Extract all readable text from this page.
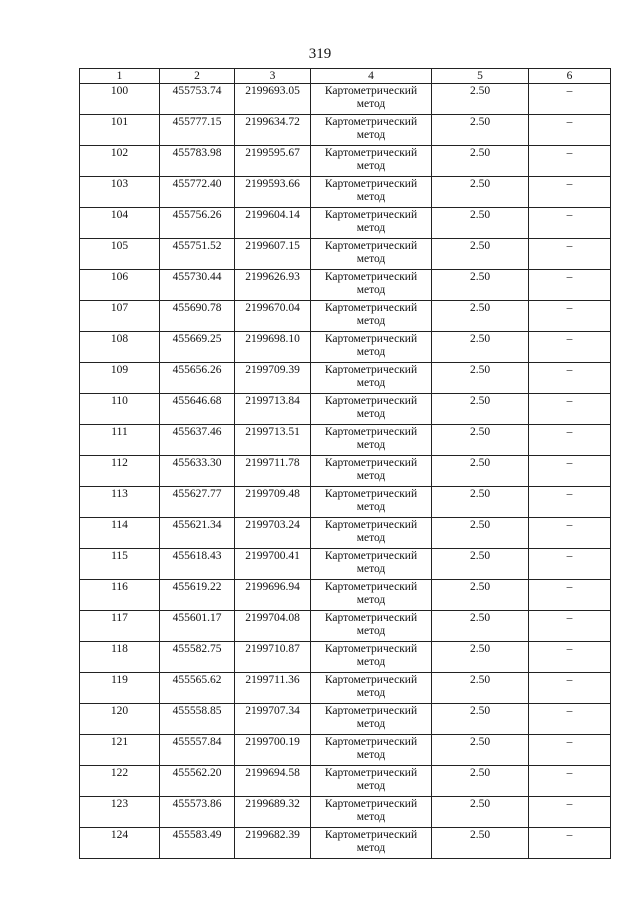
319
1	2	3	4	5	6
100	455753.74	2199693.05	Картометрический метод	2.50	–
101	455777.15	2199634.72	Картометрический метод	2.50	–
102	455783.98	2199595.67	Картометрический метод	2.50	–
103	455772.40	2199593.66	Картометрический метод	2.50	–
104	455756.26	2199604.14	Картометрический метод	2.50	–
105	455751.52	2199607.15	Картометрический метод	2.50	–
106	455730.44	2199626.93	Картометрический метод	2.50	–
107	455690.78	2199670.04	Картометрический метод	2.50	–
108	455669.25	2199698.10	Картометрический метод	2.50	–
109	455656.26	2199709.39	Картометрический метод	2.50	–
110	455646.68	2199713.84	Картометрический метод	2.50	–
111	455637.46	2199713.51	Картометрический метод	2.50	–
112	455633.30	2199711.78	Картометрический метод	2.50	–
113	455627.77	2199709.48	Картометрический метод	2.50	–
114	455621.34	2199703.24	Картометрический метод	2.50	–
115	455618.43	2199700.41	Картометрический метод	2.50	–
116	455619.22	2199696.94	Картометрический метод	2.50	–
117	455601.17	2199704.08	Картометрический метод	2.50	–
118	455582.75	2199710.87	Картометрический метод	2.50	–
119	455565.62	2199711.36	Картометрический метод	2.50	–
120	455558.85	2199707.34	Картометрический метод	2.50	–
121	455557.84	2199700.19	Картометрический метод	2.50	–
122	455562.20	2199694.58	Картометрический метод	2.50	–
123	455573.86	2199689.32	Картометрический метод	2.50	–
124	455583.49	2199682.39	Картометрический метод	2.50	–
